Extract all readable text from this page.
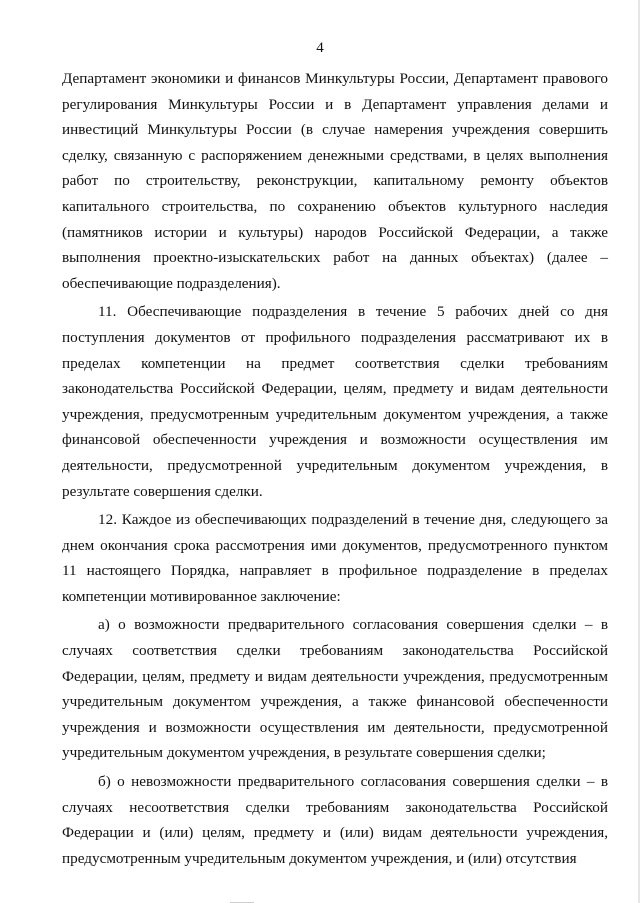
4

Департамент экономики и финансов Минкультуры России, Департамент правового регулирования Минкультуры России и в Департамент управления делами и инвестиций Минкультуры России (в случае намерения учреждения совершить сделку, связанную с распоряжением денежными средствами, в целях выполнения работ по строительству, реконструкции, капитальному ремонту объектов капитального строительства, по сохранению объектов культурного наследия (памятников истории и культуры) народов Российской Федерации, а также выполнения проектно-изыскательских работ на данных объектах) (далее – обеспечивающие подразделения).

11. Обеспечивающие подразделения в течение 5 рабочих дней со дня поступления документов от профильного подразделения рассматривают их в пределах компетенции на предмет соответствия сделки требованиям законодательства Российской Федерации, целям, предмету и видам деятельности учреждения, предусмотренным учредительным документом учреждения, а также финансовой обеспеченности учреждения и возможности осуществления им деятельности, предусмотренной учредительным документом учреждения, в результате совершения сделки.

12. Каждое из обеспечивающих подразделений в течение дня, следующего за днем окончания срока рассмотрения ими документов, предусмотренного пунктом 11 настоящего Порядка, направляет в профильное подразделение в пределах компетенции мотивированное заключение:

а) о возможности предварительного согласования совершения сделки – в случаях соответствия сделки требованиям законодательства Российской Федерации, целям, предмету и видам деятельности учреждения, предусмотренным учредительным документом учреждения, а также финансовой обеспеченности учреждения и возможности осуществления им деятельности, предусмотренной учредительным документом учреждения, в результате совершения сделки;

б) о невозможности предварительного согласования совершения сделки – в случаях несоответствия сделки требованиям законодательства Российской Федерации и (или) целям, предмету и (или) видам деятельности учреждения, предусмотренным учредительным документом учреждения, и (или) отсутствия
